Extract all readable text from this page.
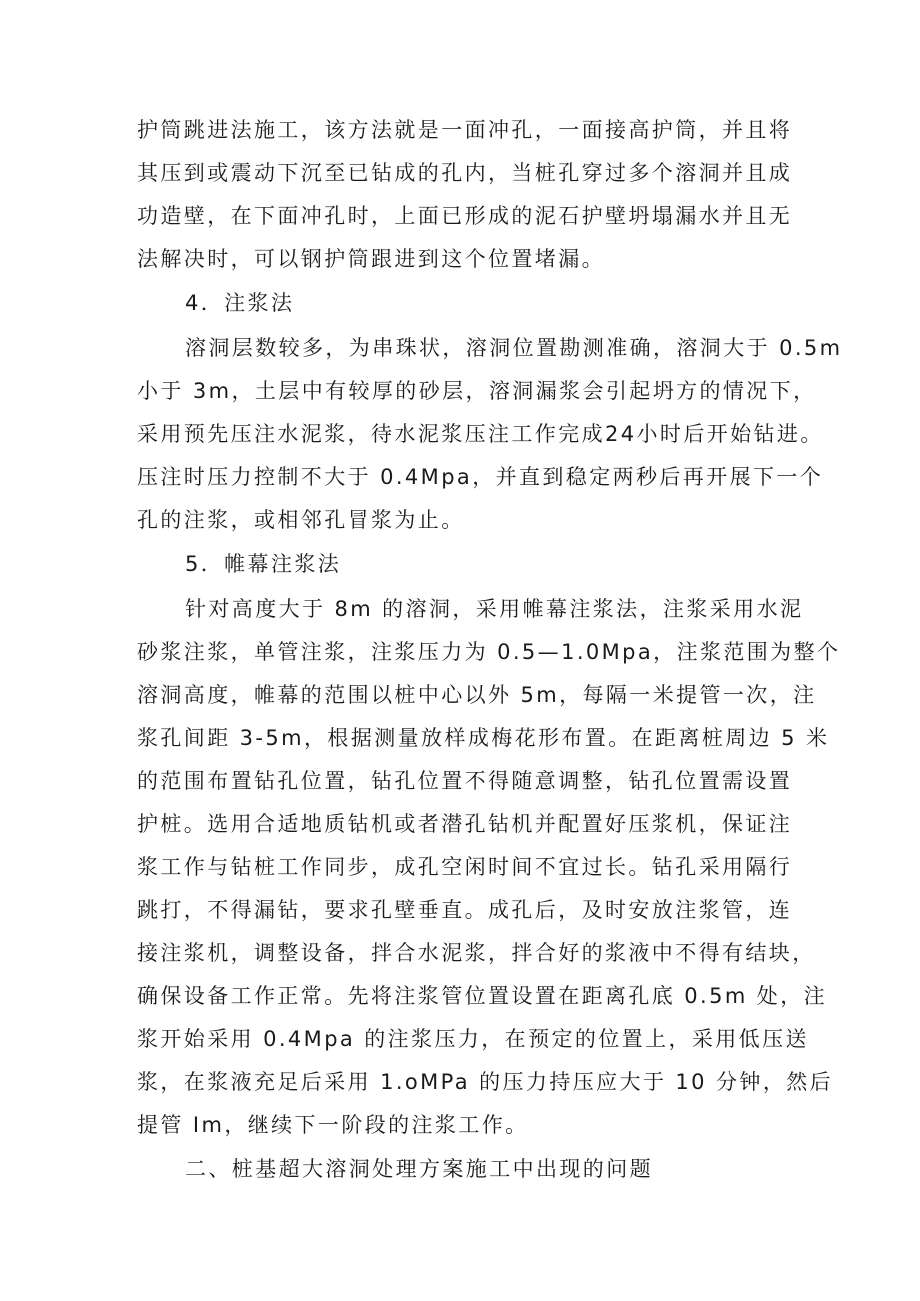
护筒跳进法施工，该方法就是一面冲孔，一面接高护筒，并且将
其压到或震动下沉至已钻成的孔内，当桩孔穿过多个溶洞并且成
功造壁，在下面冲孔时，上面已形成的泥石护壁坍塌漏水并且无
法解决时，可以钢护筒跟进到这个位置堵漏。
4．注浆法
溶洞层数较多，为串珠状，溶洞位置勘测准确，溶洞大于 0.5m
小于 3m，土层中有较厚的砂层，溶洞漏浆会引起坍方的情况下，
采用预先压注水泥浆，待水泥浆压注工作完成24小时后开始钻进。
压注时压力控制不大于 0.4Mpa，并直到稳定两秒后再开展下一个
孔的注浆，或相邻孔冒浆为止。
5．帷幕注浆法
针对高度大于 8m 的溶洞，采用帷幕注浆法，注浆采用水泥
砂浆注浆，单管注浆，注浆压力为 0.5—1.0Mpa，注浆范围为整个
溶洞高度，帷幕的范围以桩中心以外 5m，每隔一米提管一次，注
浆孔间距 3-5m，根据测量放样成梅花形布置。在距离桩周边 5 米
的范围布置钻孔位置，钻孔位置不得随意调整，钻孔位置需设置
护桩。选用合适地质钻机或者潜孔钻机并配置好压浆机，保证注
浆工作与钻桩工作同步，成孔空闲时间不宜过长。钻孔采用隔行
跳打，不得漏钻，要求孔壁垂直。成孔后，及时安放注浆管，连
接注浆机，调整设备，拌合水泥浆，拌合好的浆液中不得有结块，
确保设备工作正常。先将注浆管位置设置在距离孔底 0.5m 处，注
浆开始采用 0.4Mpa 的注浆压力，在预定的位置上，采用低压送
浆，在浆液充足后采用 1.oMPa 的压力持压应大于 10 分钟，然后
提管 Im，继续下一阶段的注浆工作。
二、桩基超大溶洞处理方案施工中出现的问题
